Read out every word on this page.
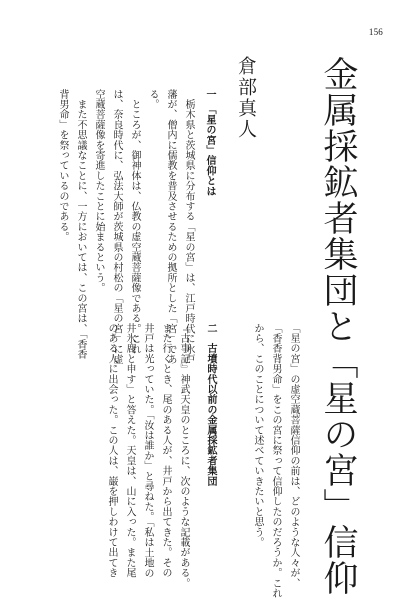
156
金属採鉱者集団と「星の宮」信仰
倉部真人
一　「星の宮」信仰とは
　栃木県と茨城県に分布する「星の宮」は、江戸時代に水戸
藩が、僧内に儒教を普及させるための拠所とした「宮」であ
る。
　ところが、御神体は、仏教の虚空蔵菩薩像である。これ
は、奈良時代に、弘法大師が茨城県の村松の「星の宮」に虚
空蔵菩薩像を寄進したことに始まるという。
　また不思議なことに、一方においては、この宮は、「香香
背男命」を祭っているのである。
「星の宮」の虚空蔵菩薩信仰の前は、どのような人々が、
「香香背男命」をこの宮に祭って信仰したのだろうか。これ
から、このことについて述べていきたいと思う。
二　古墳時代以前の金属採鉱者集団
『古事記』神武天皇のところに、次のような記載がある。
また行くとき、尾のある人が、井戸から出てきた。その
井戸は光っていた。「汝は誰か」と尋ねた。「私は土地の
井氷鹿と申す」と答えた。天皇は、山に入った。また尾
のある人に出会った。この人は、巌を押しわけて出てき
